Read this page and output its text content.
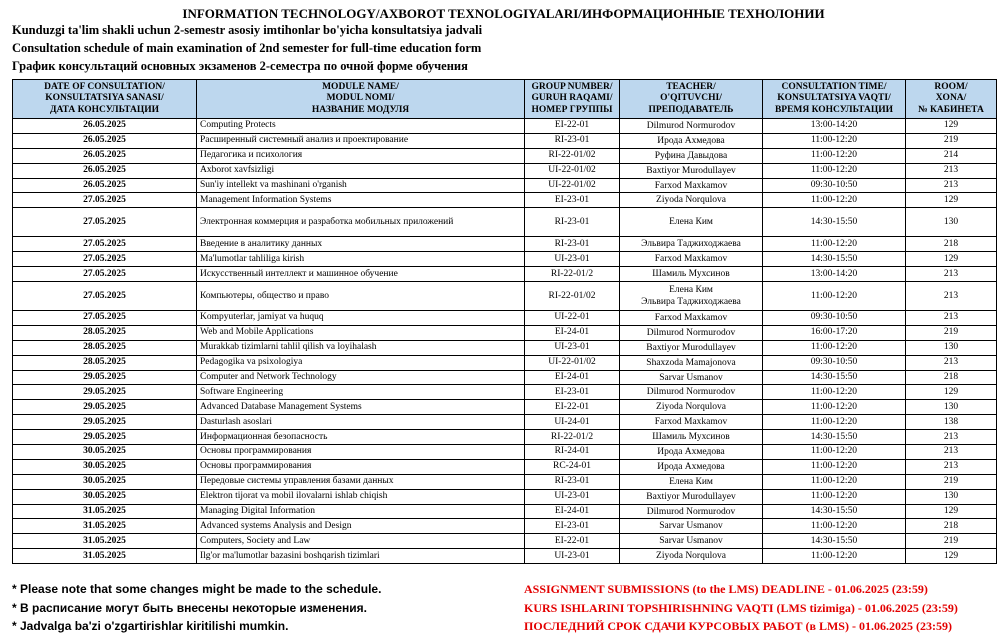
INFORMATION TECHNOLOGY/AXBOROT TEXNOLOGIYALARI/ИНФОРМАЦИОННЫЕ ТЕХНОЛОНИИ
Kunduzgi ta'lim shakli uchun 2-semestr asosiy imtihonlar bo'yicha konsultatsiya jadvali
Consultation schedule of main examination of 2nd semester for full-time education form
График консультаций основных экзаменов 2-семестра по очной форме обучения
DATE OF CONSULTATION/
KONSULTATSIYA SANASI/
ДАТА КОНСУЛЬТАЦИИ	MODULE NAME/
MODUL NOMI/
НАЗВАНИЕ МОДУЛЯ	GROUP NUMBER/
GURUH RAQAMI/
НОМЕР ГРУППЫ	TEACHER/
O'QITUVCHI/
ПРЕПОДАВАТЕЛЬ	CONSULTATION TIME/
KONSULTATSIYA VAQTI/
ВРЕМЯ КОНСУЛЬТАЦИИ	ROOM/
XONA/
№ КАБИНЕТА

26.05.2025	Computing Protects	EI-22-01	Dilmurod Normurodov	13:00-14:20	129
26.05.2025	Расширенный системный анализ и проектирование	RI-23-01	Ирода Ахмедова	11:00-12:20	219
26.05.2025	Педагогика и психология	RI-22-01/02	Руфина Давыдова	11:00-12:20	214
26.05.2025	Axborot xavfsizligi	UI-22-01/02	Baxtiyor Murodullayev	11:00-12:20	213
26.05.2025	Sun'iy intellekt va mashinani o'rganish	UI-22-01/02	Farxod Maxkamov	09:30-10:50	213
27.05.2025	Management Information Systems	EI-23-01	Ziyoda Norqulova	11:00-12:20	129
27.05.2025	Электронная коммерция и разработка мобильных приложений	RI-23-01	Елена Ким	14:30-15:50	130
27.05.2025	Введение в аналитику данных	RI-23-01	Эльвира Таджиходжаева	11:00-12:20	218
27.05.2025	Ma'lumotlar tahliliga kirish	UI-23-01	Farxod Maxkamov	14:30-15:50	129
27.05.2025	Искусственный интеллект и машинное обучение	RI-22-01/2	Шамиль Мухсинов	13:00-14:20	213
27.05.2025	Компьютеры, общество и право	RI-22-01/02	Елена Ким
Эльвира Таджиходжаева	11:00-12:20	213
27.05.2025	Kompyuterlar, jamiyat va huquq	UI-22-01	Farxod Maxkamov	09:30-10:50	213
28.05.2025	Web and Mobile Applications	EI-24-01	Dilmurod Normurodov	16:00-17:20	219
28.05.2025	Murakkab tizimlarni tahlil qilish va loyihalash	UI-23-01	Baxtiyor Murodullayev	11:00-12:20	130
28.05.2025	Pedagogika va psixologiya	UI-22-01/02	Shaxzoda Mamajonova	09:30-10:50	213
29.05.2025	Computer and Network Technology	EI-24-01	Sarvar Usmanov	14:30-15:50	218
29.05.2025	Software Engineering	EI-23-01	Dilmurod Normurodov	11:00-12:20	129
29.05.2025	Advanced Database Management Systems	EI-22-01	Ziyoda Norqulova	11:00-12:20	130
29.05.2025	Dasturlash asoslari	UI-24-01	Farxod Maxkamov	11:00-12:20	138
29.05.2025	Информационная безопасность	RI-22-01/2	Шамиль Мухсинов	14:30-15:50	213
30.05.2025	Основы программирования	RI-24-01	Ирода Ахмедова	11:00-12:20	213
30.05.2025	Основы программирования	RC-24-01	Ирода Ахмедова	11:00-12:20	213
30.05.2025	Передовые системы управления базами данных	RI-23-01	Елена Ким	11:00-12:20	219
30.05.2025	Elektron tijorat va mobil ilovalarni ishlab chiqish	UI-23-01	Baxtiyor Murodullayev	11:00-12:20	130
31.05.2025	Managing Digital Information	EI-24-01	Dilmurod Normurodov	14:30-15:50	129
31.05.2025	Advanced systems Analysis and Design	EI-23-01	Sarvar Usmanov	11:00-12:20	218
31.05.2025	Computers, Society and Law	EI-22-01	Sarvar Usmanov	14:30-15:50	219
31.05.2025	Ilg'or ma'lumotlar bazasini boshqarish tizimlari	UI-23-01	Ziyoda Norqulova	11:00-12:20	129
* Please note that some changes might be made to the schedule.
* В расписание могут быть внесены некоторые изменения.
* Jadvalga ba'zi o'zgartirishlar kiritilishi mumkin.
ASSIGNMENT SUBMISSIONS (to the LMS) DEADLINE - 01.06.2025 (23:59)
KURS ISHLARINI TOPSHIRISHNING VAQTI (LMS tizimiga) - 01.06.2025 (23:59)
ПОСЛЕДНИЙ СРОК СДАЧИ КУРСОВЫХ РАБОТ (в LMS) - 01.06.2025 (23:59)
